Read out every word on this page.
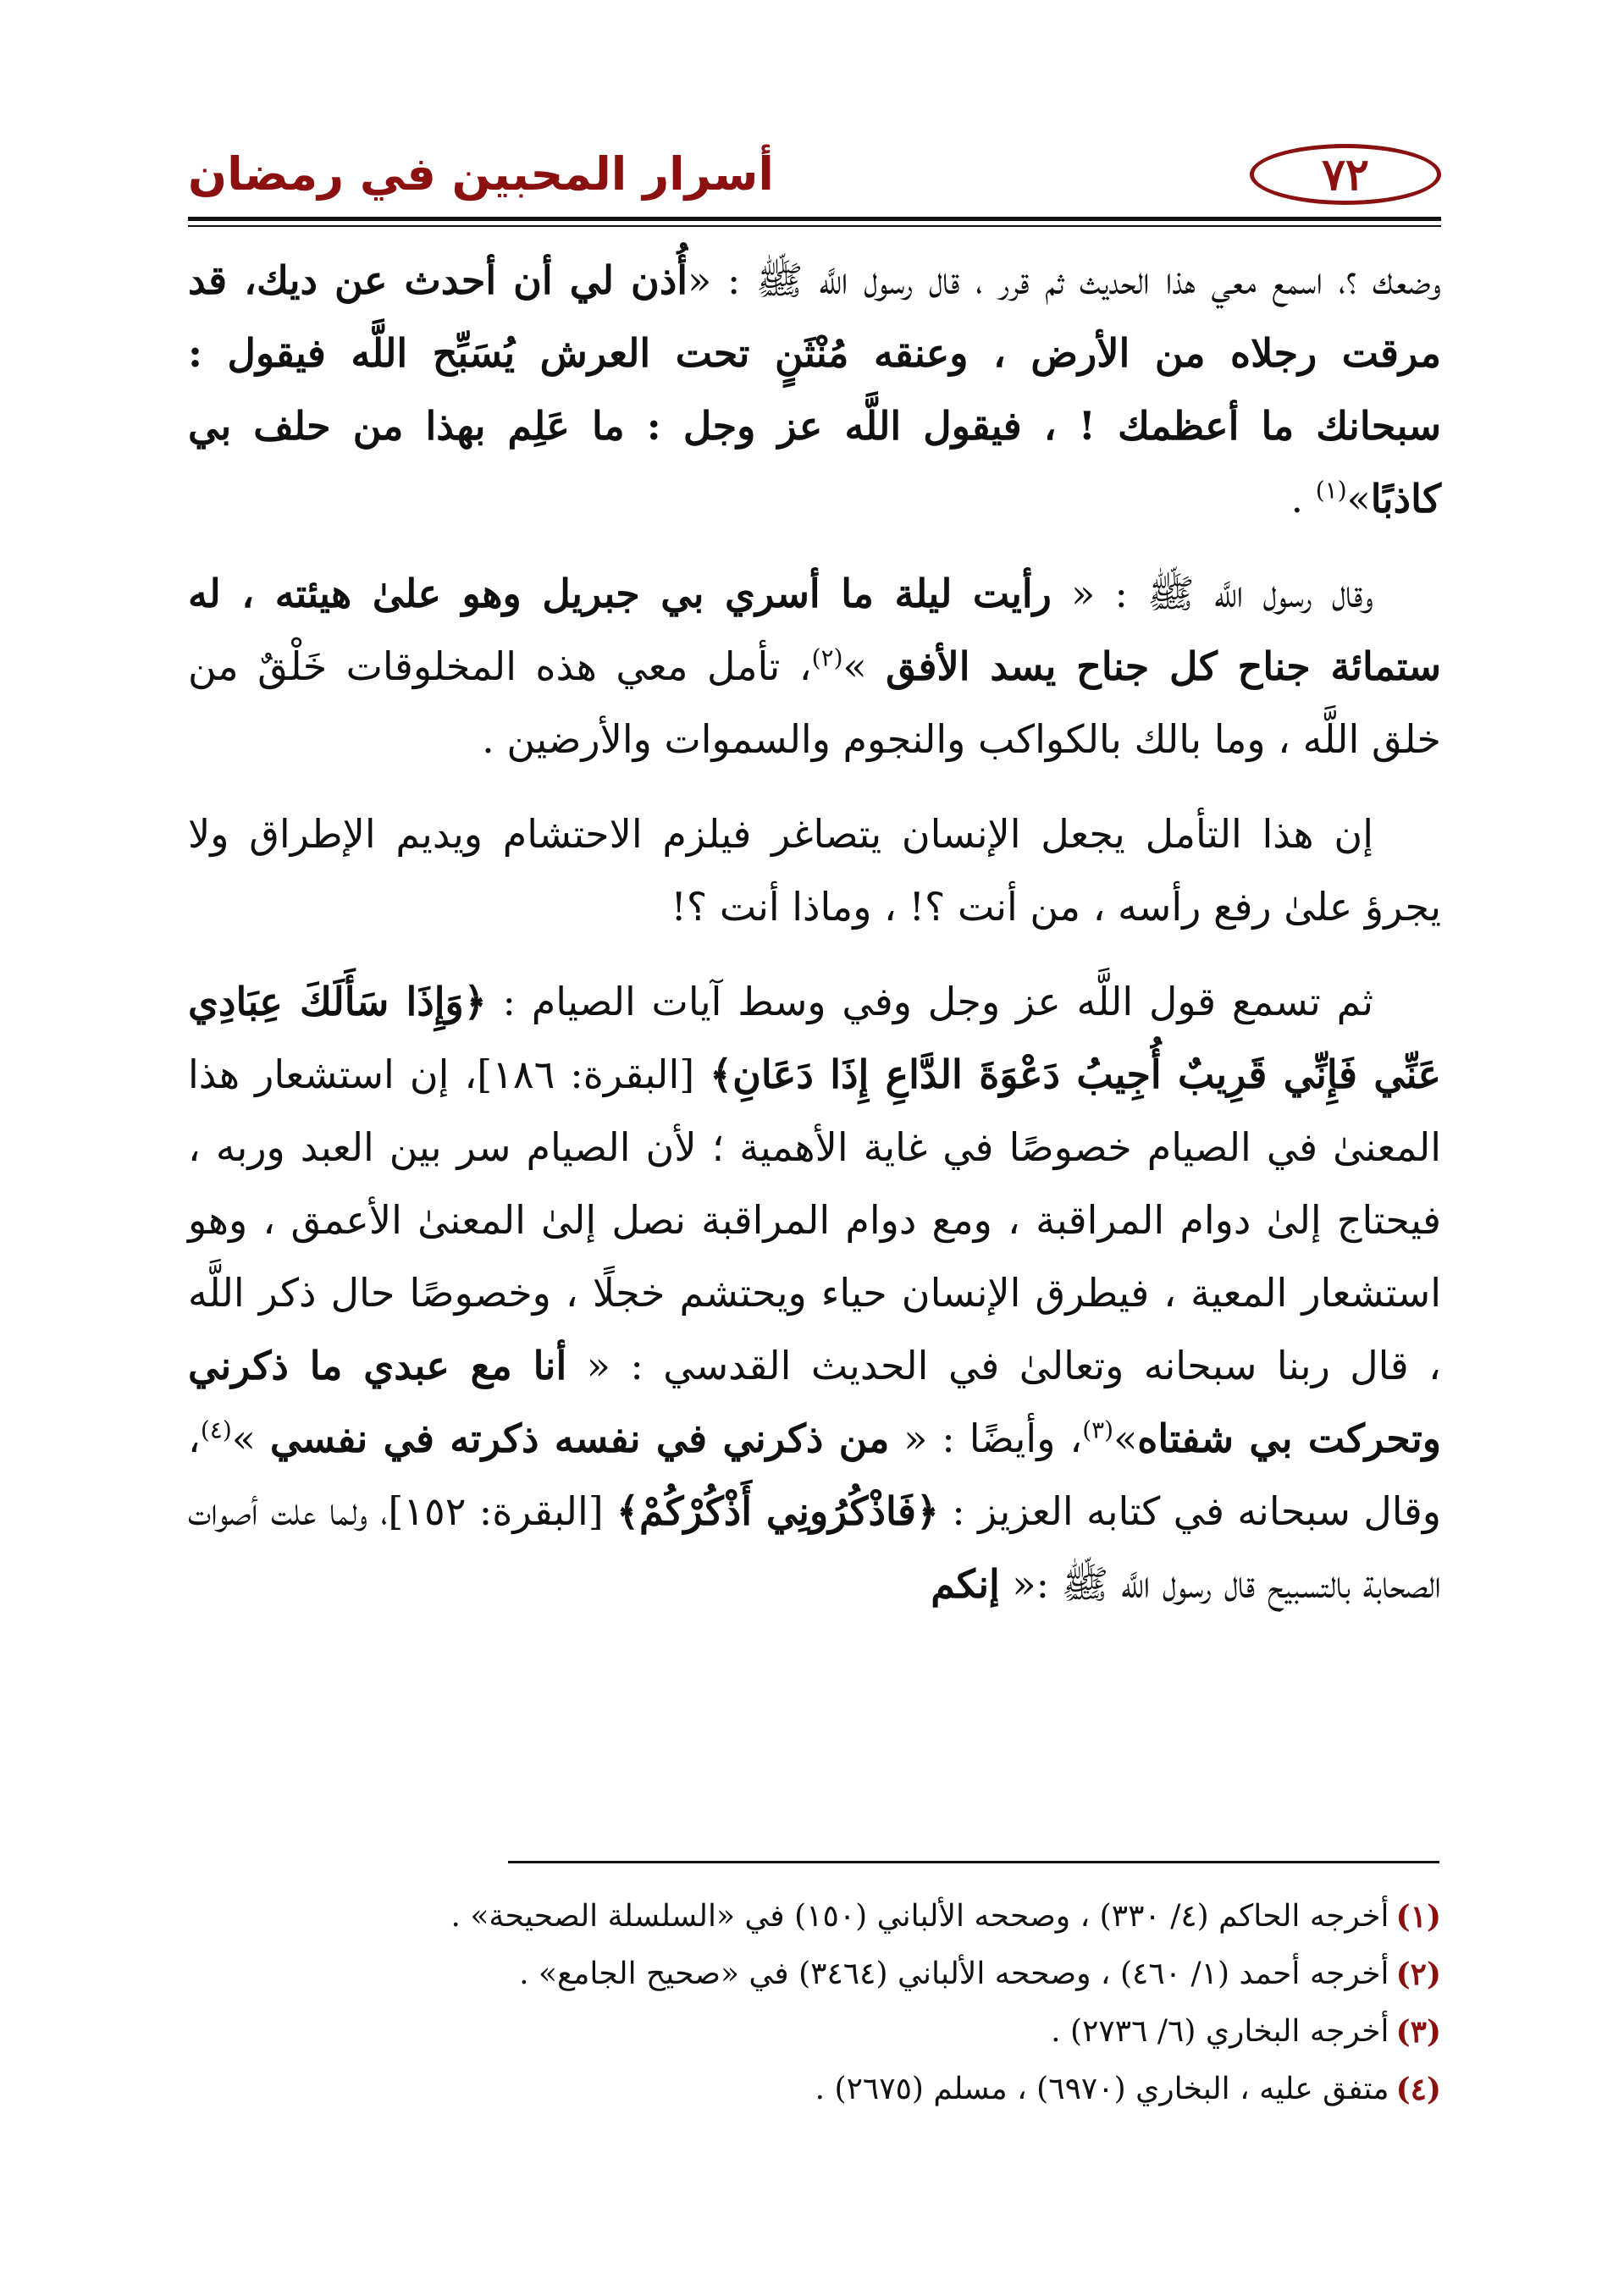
٧٢
أسرار المحبين في رمضان

وضعك ؟، اسمع معي هذا الحديث ثم قرر ، قال رسول اللَّه ﷺ : «أُذن لي أن أحدث عن ديك، قد مرقت رجلاه من الأرض ، وعنقه مُنْثَنٍ تحت العرش يُسَبِّح اللَّه فيقول : سبحانك ما أعظمك ! ، فيقول اللَّه عز وجل : ما عَلِم بهذا من حلف بي كاذبًا»$^{(١)}$ .

وقال رسول اللَّه ﷺ : « رأيت ليلة ما أسري بي جبريل وهو علىٰ هيئته ، له ستمائة جناح كل جناح يسد الأفق »$^{(٢)}$، تأمل معي هذه المخلوقات خَلْقٌ من خلق اللَّه ، وما بالك بالكواكب والنجوم والسموات والأرضين .

إن هذا التأمل يجعل الإنسان يتصاغر فيلزم الاحتشام ويديم الإطراق ولا يجرؤ علىٰ رفع رأسه ، من أنت ؟! ، وماذا أنت ؟!

ثم تسمع قول اللَّه عز وجل وفي وسط آيات الصيام : ﴿وَإِذَا سَأَلَكَ عِبَادِي عَنِّي فَإِنِّي قَرِيبٌ أُجِيبُ دَعْوَةَ الدَّاعِ إِذَا دَعَانِ﴾ [البقرة: ١٨٦]، إن استشعار هذا المعنىٰ في الصيام خصوصًا في غاية الأهمية ؛ لأن الصيام سر بين العبد وربه ، فيحتاج إلىٰ دوام المراقبة ، ومع دوام المراقبة نصل إلىٰ المعنىٰ الأعمق ، وهو استشعار المعية ، فيطرق الإنسان حياء ويحتشم خجلًا ، وخصوصًا حال ذكر اللَّه ، قال ربنا سبحانه وتعالىٰ في الحديث القدسي : « أنا مع عبدي ما ذكرني وتحركت بي شفتاه»$^{(٣)}$، وأيضًا : « من ذكرني في نفسه ذكرته في نفسي »$^{(٤)}$، وقال سبحانه في كتابه العزيز : ﴿فَاذْكُرُونِي أَذْكُرْكُمْ﴾ [البقرة: ١٥٢]، ولما علت أصوات الصحابة بالتسبيح قال رسول اللَّه ﷺ :« إنكم

(١)
أخرجه الحاكم (٤/ ٣٣٠) ، وصححه الألباني (١٥٠) في «السلسلة الصحيحة» .
(٢)
أخرجه أحمد (١/ ٤٦٠) ، وصححه الألباني (٣٤٦٤) في «صحيح الجامع» .
(٣)
أخرجه البخاري (٦/ ٢٧٣٦) .
(٤)
متفق عليه ، البخاري (٦٩٧٠) ، مسلم (٢٦٧٥) .
